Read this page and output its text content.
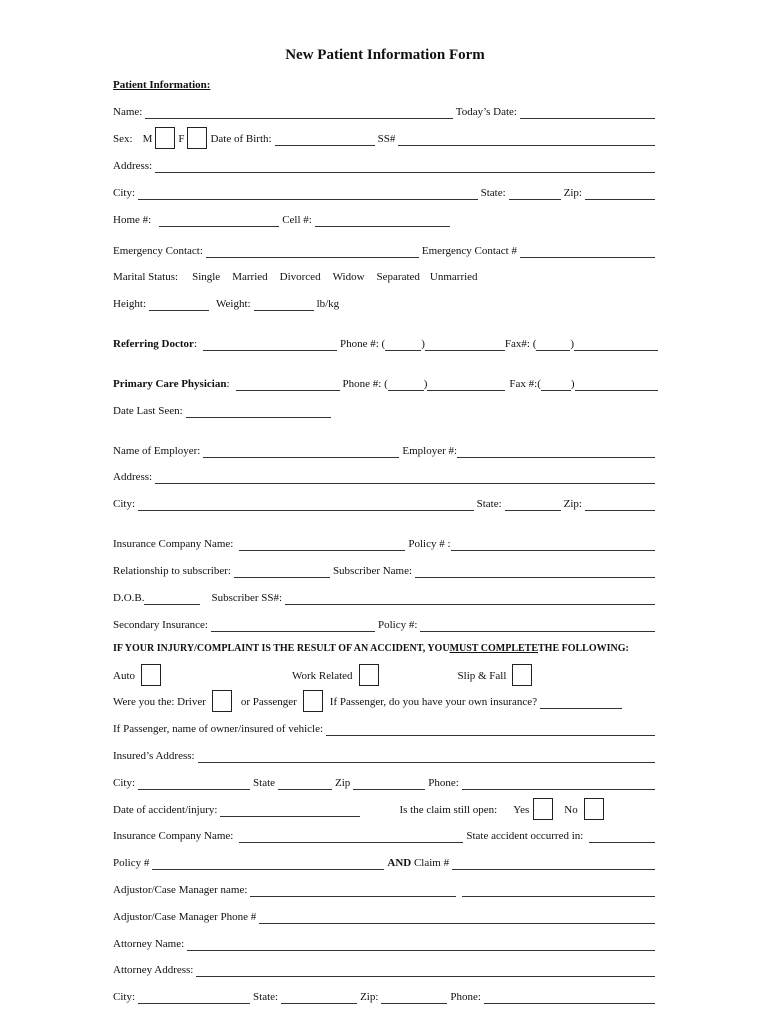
New Patient Information Form
Patient Information:
Name:	Today’s Date:
Sex: M F Date of Birth:	SS#
Address:
City:	State:	Zip:
Home #:	Cell #:
Emergency Contact:	Emergency Contact #
Marital Status: Single Married Divorced Widow Separated Unmarried
Height:	Weight:	lb/kg
Referring Doctor :	Phone #: (	)	Fax#: (	)
Primary Care Physician :	Phone #: (	)	Fax #:(	)
Date Last Seen:
Name of Employer:	Employer #:
Address:
City:	State:	Zip:
Insurance Company Name:	Policy # :
Relationship to subscriber:	Subscriber Name:
D.O.B.	Subscriber SS#:
Secondary Insurance:	Policy #:
IF YOUR INJURY/COMPLAINT IS THE RESULT OF AN ACCIDENT, YOU MUST COMPLETE THE FOLLOWING:
Auto	Work Related	Slip & Fall
Were you the: Driver	or Passenger	If Passenger, do you have your own insurance?
If Passenger, name of owner/insured of vehicle:
Insured’s Address:
City:	State	Zip	Phone:
Date of accident/injury:	Is the claim still open: Yes	No
Insurance Company Name:	State accident occurred in:
Policy #	AND Claim #
Adjustor/Case Manager name:
Adjustor/Case Manager Phone #
Attorney Name:
Attorney Address:
City:	State:	Zip:	Phone:
